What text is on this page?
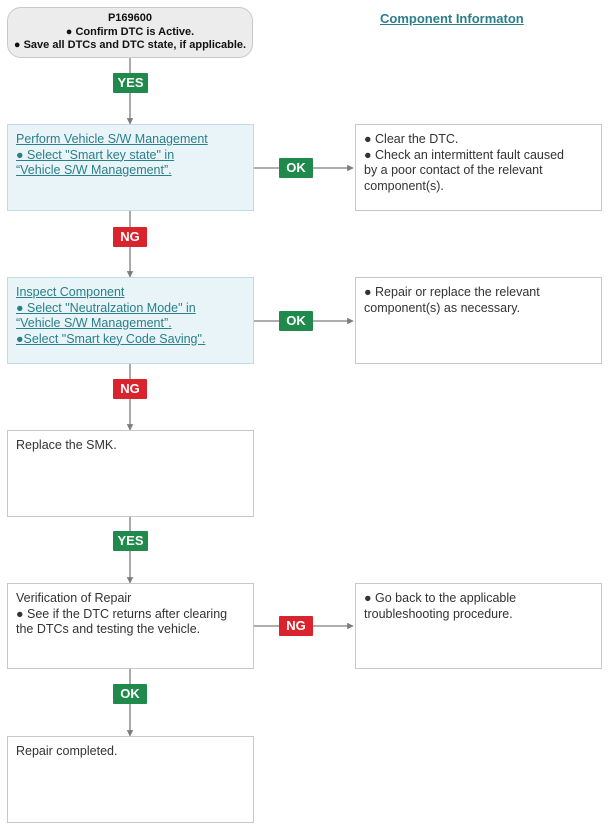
P169600
● Confirm DTC is Active.
● Save all DTCs and DTC state, if applicable.
Component Informaton
Perform Vehicle S/W Management
● Select "Smart key state" in
“Vehicle S/W Management”.
● Clear the DTC.
● Check an intermittent fault caused
by a poor contact of the relevant
component(s).
Inspect Component
● Select "Neutralzation Mode" in
“Vehicle S/W Management”.
●Select "Smart key Code Saving".
● Repair or replace the relevant
component(s) as necessary.
Replace the SMK.
Verification of Repair
● See if the DTC returns after clearing
the DTCs and testing the vehicle.
● Go back to the applicable
troubleshooting procedure.
Repair completed.
YES
OK
NG
OK
NG
YES
NG
OK
